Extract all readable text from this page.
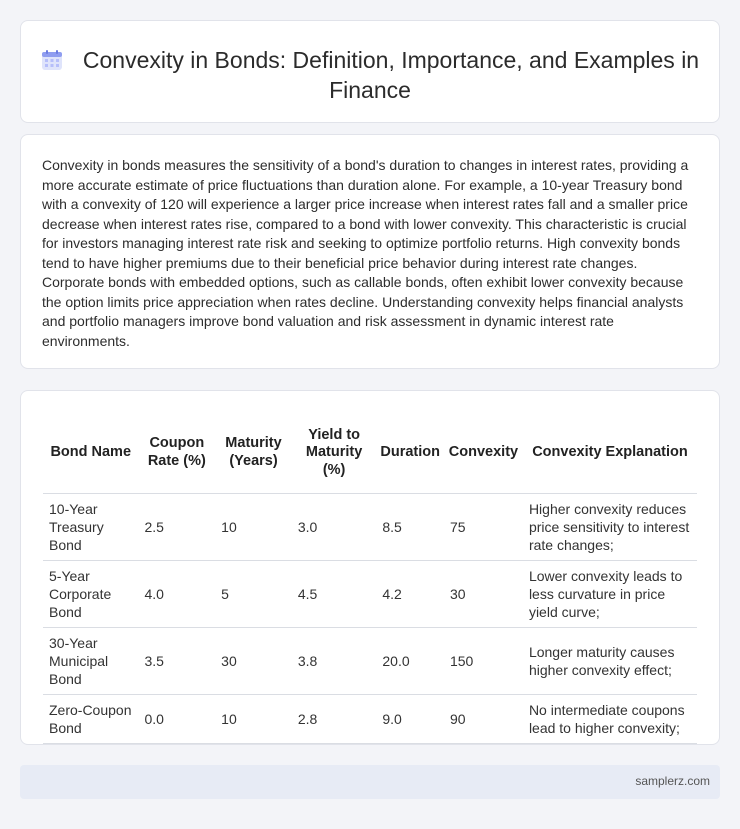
Convexity in Bonds: Definition, Importance, and Examples in Finance

Convexity in bonds measures the sensitivity of a bond's duration to changes in interest rates, providing a more accurate estimate of price fluctuations than duration alone. For example, a 10-year Treasury bond with a convexity of 120 will experience a larger price increase when interest rates fall and a smaller price decrease when interest rates rise, compared to a bond with lower convexity. This characteristic is crucial for investors managing interest rate risk and seeking to optimize portfolio returns. High convexity bonds tend to have higher premiums due to their beneficial price behavior during interest rate changes. Corporate bonds with embedded options, such as callable bonds, often exhibit lower convexity because the option limits price appreciation when rates decline. Understanding convexity helps financial analysts and portfolio managers improve bond valuation and risk assessment in dynamic interest rate environments.

Bond Name	Coupon Rate (%)	Maturity (Years)	Yield to Maturity (%)	Duration	Convexity	Convexity Explanation
10-Year Treasury Bond	2.5	10	3.0	8.5	75	Higher convexity reduces price sensitivity to interest rate changes;
5-Year Corporate Bond	4.0	5	4.5	4.2	30	Lower convexity leads to less curvature in price yield curve;
30-Year Municipal Bond	3.5	30	3.8	20.0	150	Longer maturity causes higher convexity effect;
Zero-Coupon Bond	0.0	10	2.8	9.0	90	No intermediate coupons lead to higher convexity;
samplerz.com
